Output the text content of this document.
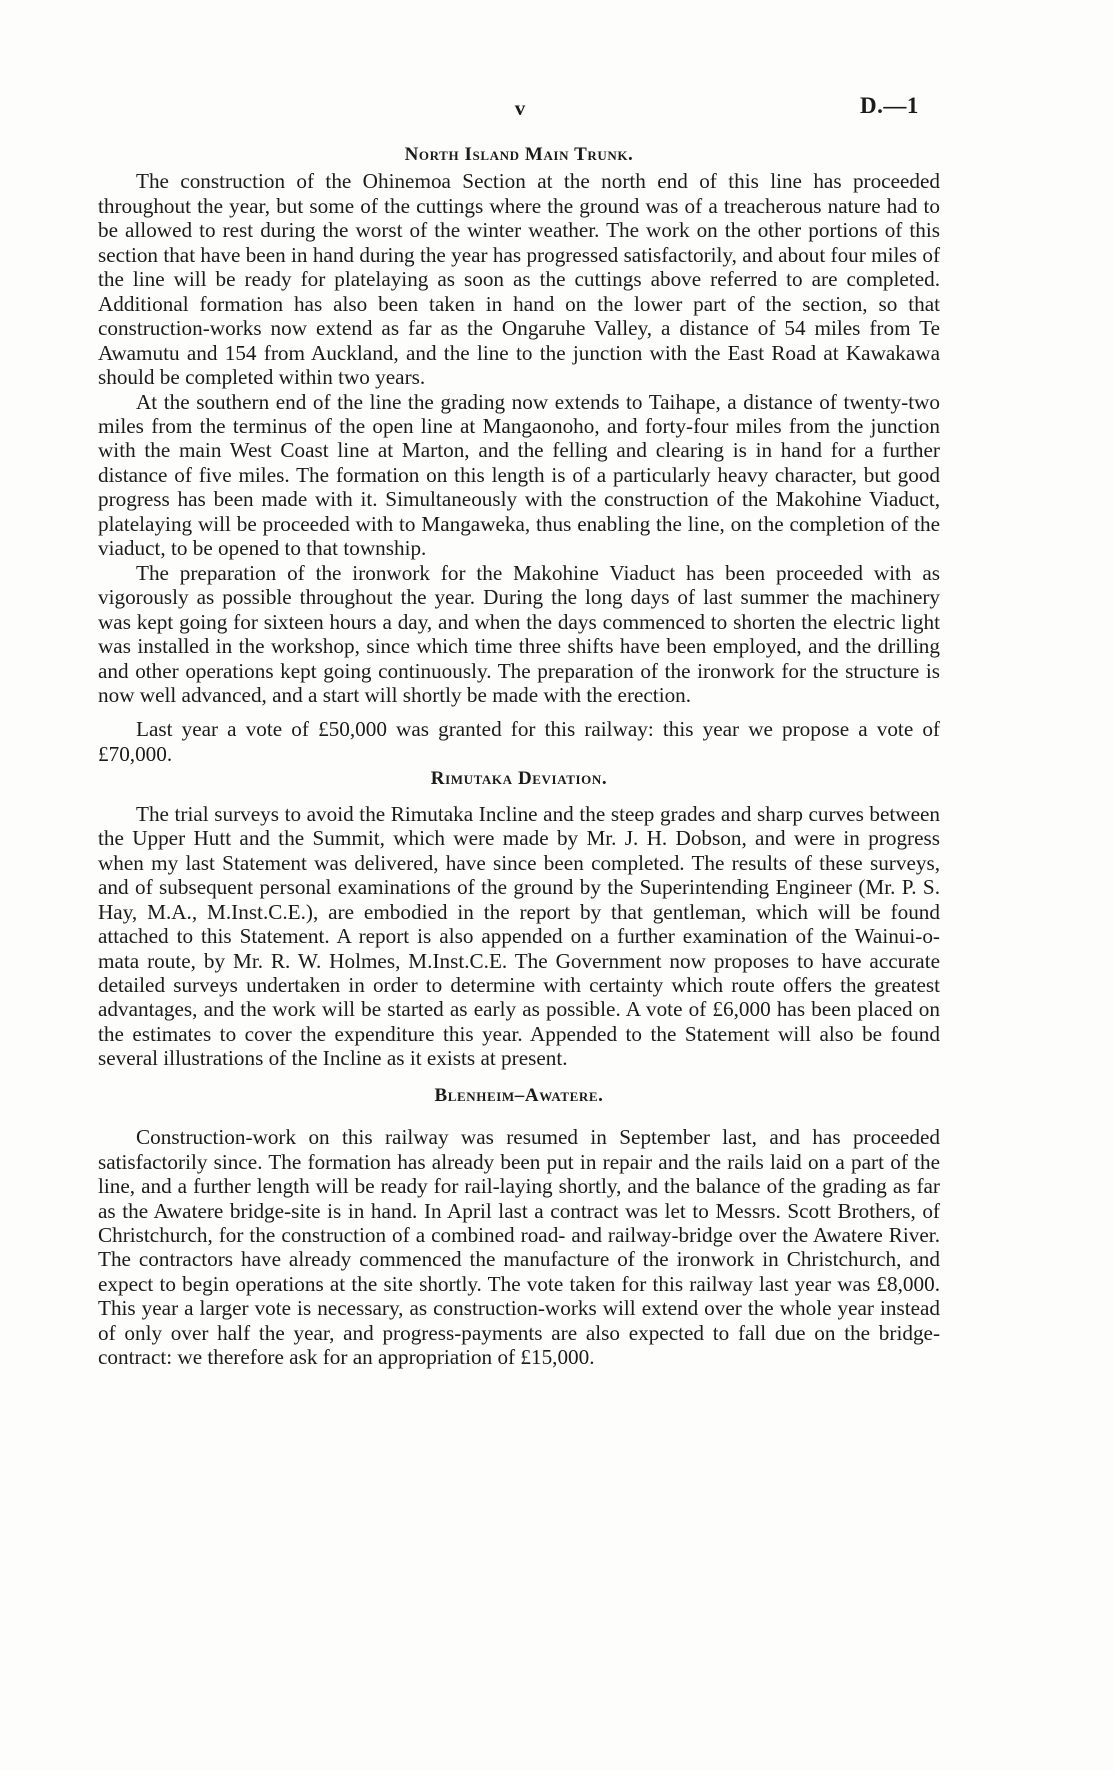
v	D.—1
North Island Main Trunk.

The construction of the Ohinemoa Section at the north end of this line has proceeded throughout the year, but some of the cuttings where the ground was of a treacherous nature had to be allowed to rest during the worst of the winter weather. The work on the other portions of this section that have been in hand during the year has progressed satisfactorily, and about four miles of the line will be ready for platelaying as soon as the cuttings above referred to are completed. Additional formation has also been taken in hand on the lower part of the section, so that construction-works now extend as far as the Ongaruhe Valley, a distance of 54 miles from Te Awamutu and 154 from Auckland, and the line to the junction with the East Road at Kawakawa should be completed within two years.

At the southern end of the line the grading now extends to Taihape, a distance of twenty-two miles from the terminus of the open line at Mangaonoho, and forty-four miles from the junction with the main West Coast line at Marton, and the felling and clearing is in hand for a further distance of five miles. The formation on this length is of a particularly heavy character, but good progress has been made with it. Simultaneously with the construction of the Makohine Viaduct, platelaying will be proceeded with to Mangaweka, thus enabling the line, on the completion of the viaduct, to be opened to that township.

The preparation of the ironwork for the Makohine Viaduct has been proceeded with as vigorously as possible throughout the year. During the long days of last summer the machinery was kept going for sixteen hours a day, and when the days commenced to shorten the electric light was installed in the workshop, since which time three shifts have been employed, and the drilling and other operations kept going continuously. The preparation of the ironwork for the structure is now well advanced, and a start will shortly be made with the erection.

Last year a vote of £50,000 was granted for this railway: this year we propose a vote of £70,000.

Rimutaka Deviation.

The trial surveys to avoid the Rimutaka Incline and the steep grades and sharp curves between the Upper Hutt and the Summit, which were made by Mr. J. H. Dobson, and were in progress when my last Statement was delivered, have since been completed. The results of these surveys, and of subsequent personal examinations of the ground by the Superintending Engineer (Mr. P. S. Hay, M.A., M.Inst.C.E.), are embodied in the report by that gentleman, which will be found attached to this Statement. A report is also appended on a further examination of the Wainui-o-mata route, by Mr. R. W. Holmes, M.Inst.C.E. The Government now proposes to have accurate detailed surveys undertaken in order to determine with certainty which route offers the greatest advantages, and the work will be started as early as possible. A vote of £6,000 has been placed on the estimates to cover the expenditure this year. Appended to the Statement will also be found several illustrations of the Incline as it exists at present.

Blenheim–Awatere.

Construction-work on this railway was resumed in September last, and has proceeded satisfactorily since. The formation has already been put in repair and the rails laid on a part of the line, and a further length will be ready for rail-laying shortly, and the balance of the grading as far as the Awatere bridge-site is in hand. In April last a contract was let to Messrs. Scott Brothers, of Christchurch, for the construction of a combined road- and railway-bridge over the Awatere River. The contractors have already commenced the manufacture of the ironwork in Christchurch, and expect to begin operations at the site shortly. The vote taken for this railway last year was £8,000. This year a larger vote is necessary, as construction-works will extend over the whole year instead of only over half the year, and progress-payments are also expected to fall due on the bridge-contract: we therefore ask for an appropriation of £15,000.
